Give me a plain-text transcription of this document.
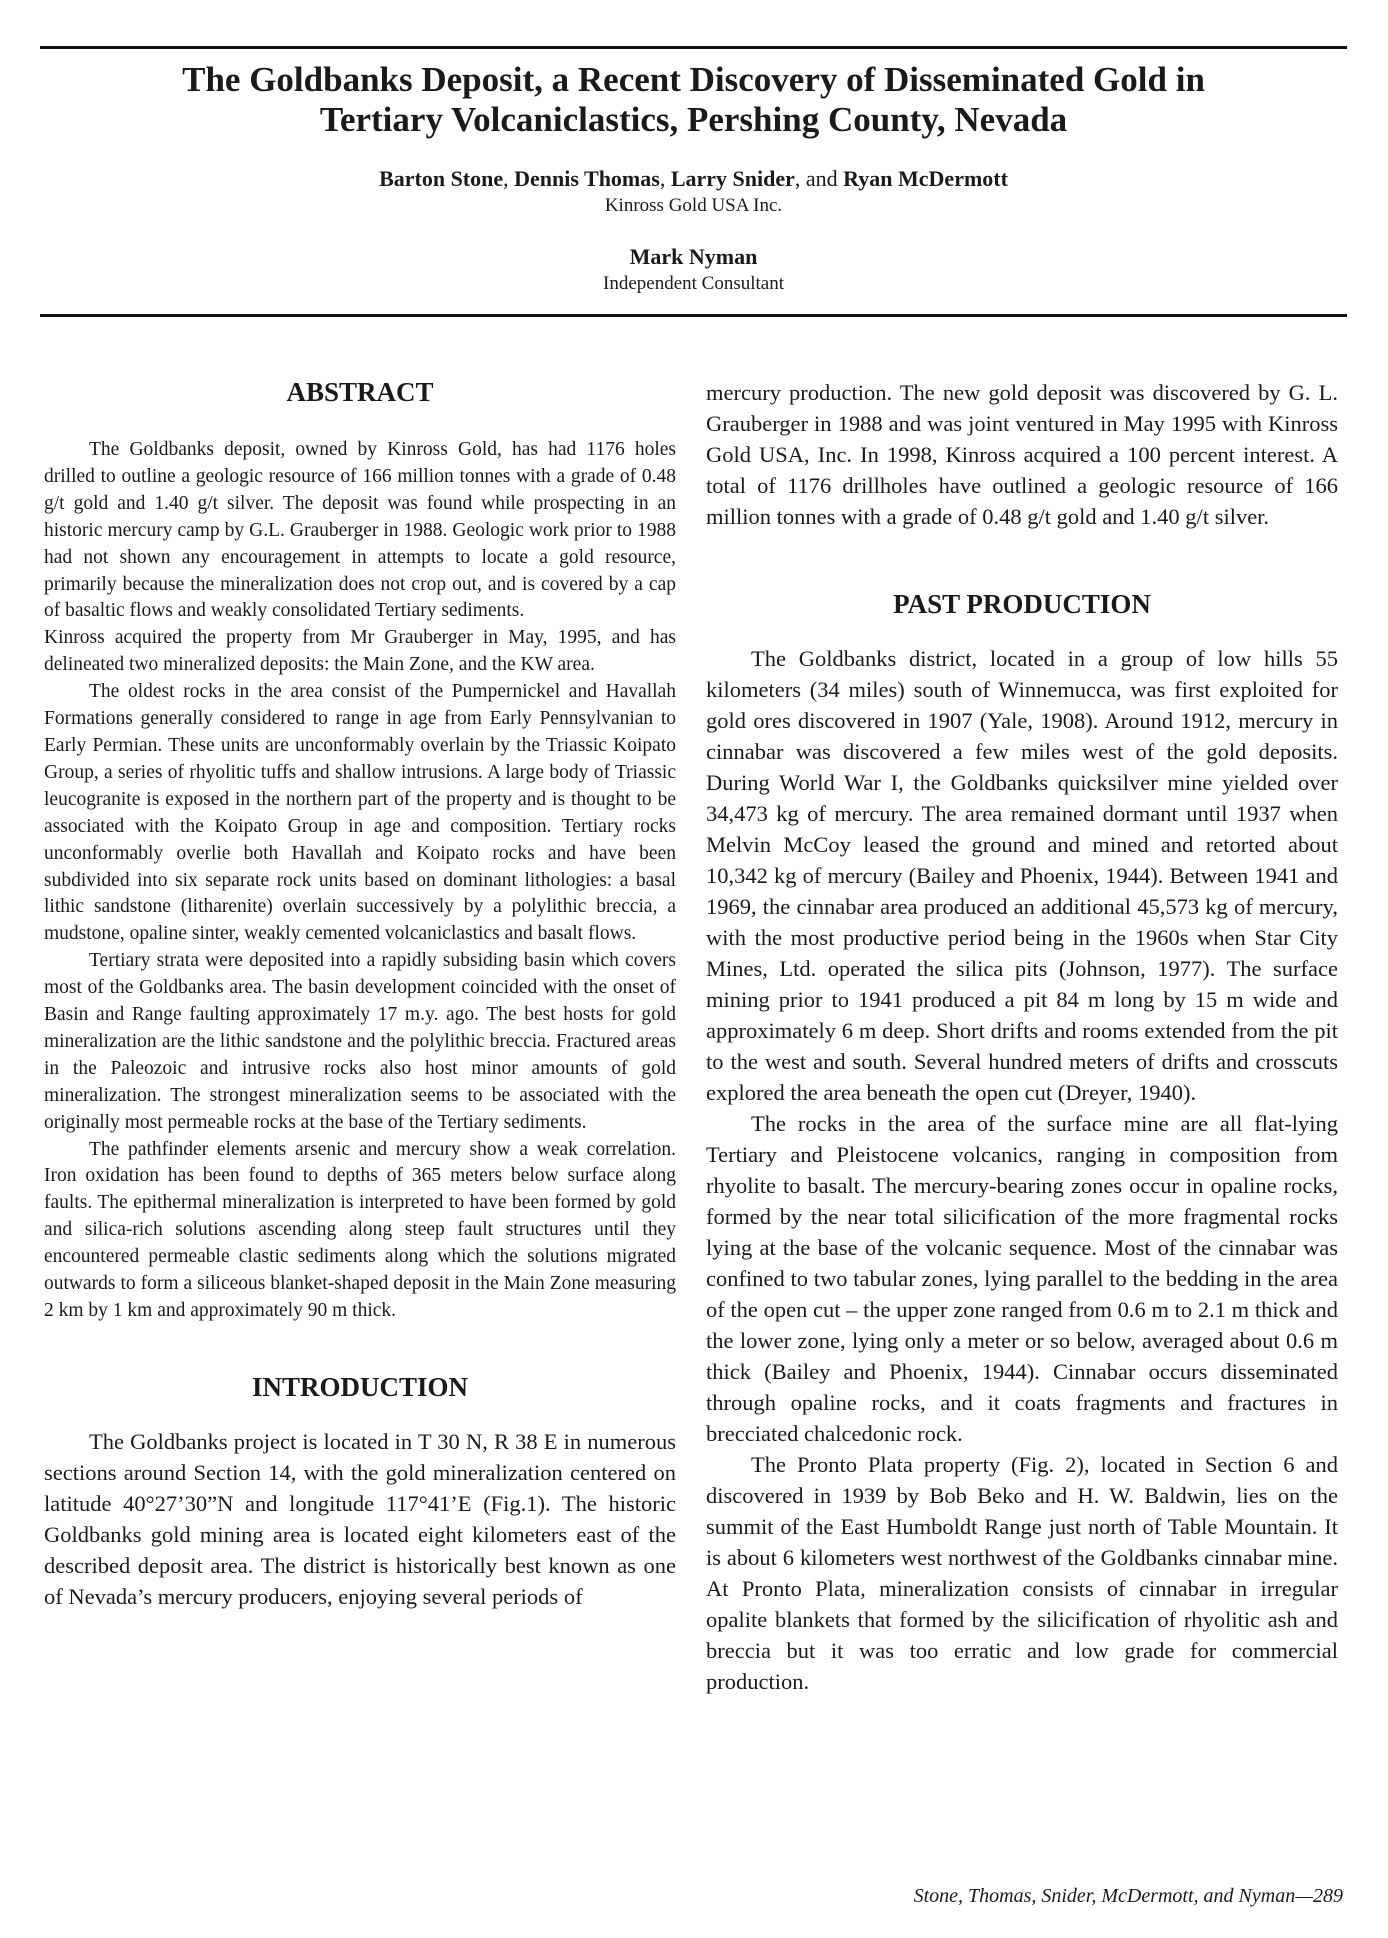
The Goldbanks Deposit, a Recent Discovery of Disseminated Gold in
Tertiary Volcaniclastics, Pershing County, Nevada
Barton Stone, Dennis Thomas, Larry Snider, and Ryan McDermott
Kinross Gold USA Inc.
Mark Nyman
Independent Consultant
ABSTRACT

The Goldbanks deposit, owned by Kinross Gold, has had 1176 holes drilled to outline a geologic resource of 166 million tonnes with a grade of 0.48 g/t gold and 1.40 g/t silver. The deposit was found while prospecting in an historic mercury camp by G.L. Grauberger in 1988. Geologic work prior to 1988 had not shown any encouragement in attempts to locate a gold resource, primarily because the mineralization does not crop out, and is covered by a cap of basaltic flows and weakly consolidated Tertiary sediments.

Kinross acquired the property from Mr Grauberger in May, 1995, and has delineated two mineralized deposits: the Main Zone, and the KW area.

The oldest rocks in the area consist of the Pumpernickel and Havallah Formations generally considered to range in age from Early Pennsylvanian to Early Permian. These units are unconformably overlain by the Triassic Koipato Group, a series of rhyolitic tuffs and shallow intrusions. A large body of Triassic leucogranite is exposed in the northern part of the property and is thought to be associated with the Koipato Group in age and composition. Tertiary rocks unconformably overlie both Havallah and Koipato rocks and have been subdivided into six separate rock units based on dominant lithologies: a basal lithic sandstone (litharenite) overlain successively by a polylithic breccia, a mudstone, opaline sinter, weakly cemented volcaniclastics and basalt flows.

Tertiary strata were deposited into a rapidly subsiding basin which covers most of the Goldbanks area. The basin development coincided with the onset of Basin and Range faulting approximately 17 m.y. ago. The best hosts for gold mineralization are the lithic sandstone and the polylithic breccia. Fractured areas in the Paleozoic and intrusive rocks also host minor amounts of gold mineralization. The strongest mineralization seems to be associated with the originally most permeable rocks at the base of the Tertiary sediments.

The pathfinder elements arsenic and mercury show a weak correlation. Iron oxidation has been found to depths of 365 meters below surface along faults. The epithermal mineralization is interpreted to have been formed by gold and silica-rich solutions ascending along steep fault structures until they encountered permeable clastic sediments along which the solutions migrated outwards to form a siliceous blanket-shaped deposit in the Main Zone measuring 2 km by 1 km and approximately 90 m thick.

INTRODUCTION

The Goldbanks project is located in T 30 N, R 38 E in numerous sections around Section 14, with the gold mineralization centered on latitude 40°27’30”N and longitude 117°41’E (Fig.1). The historic Goldbanks gold mining area is located eight kilometers east of the described deposit area. The district is historically best known as one of Nevada’s mercury producers, enjoying several periods of

mercury production. The new gold deposit was discovered by G. L. Grauberger in 1988 and was joint ventured in May 1995 with Kinross Gold USA, Inc. In 1998, Kinross acquired a 100 percent interest. A total of 1176 drillholes have outlined a geologic resource of 166 million tonnes with a grade of 0.48 g/t gold and 1.40 g/t silver.

PAST PRODUCTION

The Goldbanks district, located in a group of low hills 55 kilometers (34 miles) south of Winnemucca, was first exploited for gold ores discovered in 1907 (Yale, 1908). Around 1912, mercury in cinnabar was discovered a few miles west of the gold deposits. During World War I, the Goldbanks quicksilver mine yielded over 34,473 kg of mercury. The area remained dormant until 1937 when Melvin McCoy leased the ground and mined and retorted about 10,342 kg of mercury (Bailey and Phoenix, 1944). Between 1941 and 1969, the cinnabar area produced an additional 45,573 kg of mercury, with the most productive period being in the 1960s when Star City Mines, Ltd. operated the silica pits (Johnson, 1977). The surface mining prior to 1941 produced a pit 84 m long by 15 m wide and approximately 6 m deep. Short drifts and rooms extended from the pit to the west and south. Several hundred meters of drifts and crosscuts explored the area beneath the open cut (Dreyer, 1940).

The rocks in the area of the surface mine are all flat-lying Tertiary and Pleistocene volcanics, ranging in composition from rhyolite to basalt. The mercury-bearing zones occur in opaline rocks, formed by the near total silicification of the more fragmental rocks lying at the base of the volcanic sequence. Most of the cinnabar was confined to two tabular zones, lying parallel to the bedding in the area of the open cut – the upper zone ranged from 0.6 m to 2.1 m thick and the lower zone, lying only a meter or so below, averaged about 0.6 m thick (Bailey and Phoenix, 1944). Cinnabar occurs disseminated through opaline rocks, and it coats fragments and fractures in brecciated chalcedonic rock.

The Pronto Plata property (Fig. 2), located in Section 6 and discovered in 1939 by Bob Beko and H. W. Baldwin, lies on the summit of the East Humboldt Range just north of Table Mountain. It is about 6 kilometers west northwest of the Goldbanks cinnabar mine. At Pronto Plata, mineralization consists of cinnabar in irregular opalite blankets that formed by the silicification of rhyolitic ash and breccia but it was too erratic and low grade for commercial production.

Stone, Thomas, Snider, McDermott, and Nyman—289
